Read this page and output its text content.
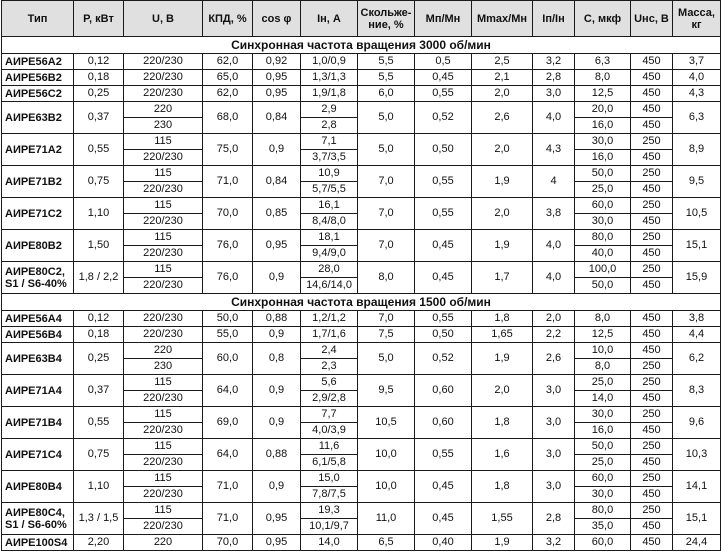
Тип	P, кВт	U, В	КПД, %	cos φ	Iн, А	Скольже-ние, %	Мп/Мн	Mmax/Мн	Iп/Iн	С, мкф	Uнс, В	Масса, кг
Синхронная частота вращения 3000 об/мин												
АИРЕ56А2	0,12	220/230	62,0	0,92	1,0/0,9	5,5	0,5	2,5	3,2	6,3	450	3,7
АИРЕ56В2	0,18	220/230	65,0	0,95	1,3/1,3	5,5	0,45	2,1	2,8	8,0	450	4,0
АИРЕ56С2	0,25	220/230	62,0	0,95	1,9/1,8	6,0	0,55	2,0	3,0	12,5	450	4,3
АИРЕ63В2	0,37	220	68,0	0,84	2,9	5,0	0,52	2,6	4,0	20,0	450	6,3
		230			2,8					16,0	450	
АИРЕ71А2	0,55	115	75,0	0,9	7,1	5,0	0,50	2,0	4,3	30,0	250	8,9
		220/230			3,7/3,5					16,0	450	
АИРЕ71В2	0,75	115	71,0	0,84	10,9	7,0	0,55	1,9	4	50,0	250	9,5
		220/230			5,7/5,5					25,0	450	
АИРЕ71С2	1,10	115	70,0	0,85	16,1	7,0	0,55	2,0	3,8	60,0	250	10,5
		220/230			8,4/8,0					30,0	450	
АИРЕ80В2	1,50	115	76,0	0,95	18,1	7,0	0,45	1,9	4,0	80,0	250	15,1
		220/230			9,4/9,0					40,0	450	
АИРЕ80С2, S1 / S6-40%	1,8 / 2,2	115	76,0	0,9	28,0	8,0	0,45	1,7	4,0	100,0	250	15,9
		220/230			14,6/14,0					50,0	450	
Синхронная частота вращения 1500 об/мин												
АИРЕ56А4	0,12	220/230	50,0	0,88	1,2/1,2	7,0	0,55	1,8	2,0	8,0	450	3,8
АИРЕ56В4	0,18	220/230	55,0	0,9	1,7/1,6	7,5	0,50	1,65	2,2	12,5	450	4,4
АИРЕ63В4	0,25	220	60,0	0,8	2,4	5,0	0,52	1,9	2,6	10,0	450	6,2
		230			2,3					8,0	250	
АИРЕ71А4	0,37	115	64,0	0,9	5,6	9,5	0,60	2,0	3,0	25,0	250	8,3
		220/230			2,9/2,8					14,0	450	
АИРЕ71В4	0,55	115	69,0	0,9	7,7	10,5	0,60	1,8	3,0	30,0	250	9,6
		220/230			4,0/3,9					16,0	450	
АИРЕ71С4	0,75	115	64,0	0,88	11,6	10,0	0,55	1,6	3,0	50,0	250	10,3
		220/230			6,1/5,8					25,0	450	
АИРЕ80В4	1,10	115	71,0	0,9	15,0	10,0	0,45	1,8	3,0	60,0	250	14,1
		220/230			7,8/7,5					30,0	450	
АИРЕ80С4, S1 / S6-60%	1,3 / 1,5	115	71,0	0,95	19,3	11,0	0,45	1,55	2,8	80,0	250	15,1
		220/230			10,1/9,7					35,0	450	
АИРЕ100S4	2,20	220	70,0	0,95	14,0	6,5	0,40	1,9	3,2	60,0	450	24,4
